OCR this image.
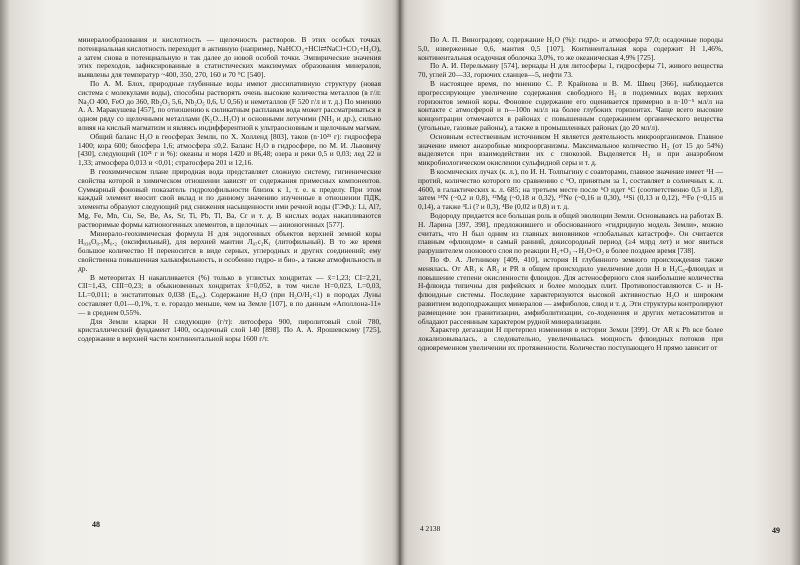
минералообразования и кислотность — щелочность растворов. В этих особых точках потенциальная кислотность переходит в активную (например, NaHCO₃+HCl⇄NaCl+CO₂+H₂O), а затем снова в потенциальную и так далее до новой особой точки. Эмпирические значения этих переходов, зафиксированные в статистических максимумах образования минералов, выявлены для температур ~400, 350, 270, 160 и 70 °С [540].

По А. М. Блох, природные глубинные воды имеют диссипативную структуру (новая система с молекулами воды), способны растворять очень высокие количества металлов (в г/л: Na₂O 400, FeO до 360, Rb₂O₃ 5,6, Nb₂O₅ 0,6, U 0,56) и неметаллов (F 520 г/л и т. д.) По мнению А. А. Маракушева [457], по отношению к силикатным расплавам вода может рассматриваться в одном ряду со щелочными металлами (K₂O...H₂O) и основными летучими (NH₃ и др.), сильно влияя на кислый магматизм и являясь индифферентной к ультраосновным и щелочным магмам.

Общий баланс H₂O в геосферах Земли, по Х. Холленд [803], таков (n·10²¹ г): гидросфера 1400; кора 600; биосфера 1,6; атмосфера ≤0,2. Баланс H₂O в гидросфере, по М. И. Львовичу [430], следующий (10²¹ г и %): океаны и моря 1420 и 86,48; озера и реки 0,5 и 0,03; лед 22 и 1,33; атмосфера 0,013 и <0,01; стратосфера 201 и 12,16.

В геохимическом плане природная вода представляет сложную систему, гигиенические свойства которой в химическом отношении зависят от содержания примесных компонентов. Суммарный фоновый показатель гидрохофильности близок к 1, т. е. к пределу. При этом каждый элемент вносит свой вклад и по данному значению изученные в отношении ПДК, элементы образуют следующий ряд снижения насыщенности ими речной воды (ГЭФ,): Li, Al?, Mg, Fe, Mn, Cu, Se, Be, As, Sr, Ti, Pb, Tl, Ba, Cr и т. д. В кислых водах накапливаются растворимые формы катионогенных элементов, в щелочных — анионогенных [577].

Минерало-геохимическая формула Н для эндогенных объектов верхней земной коры Н₀₃₆О₀.₅М₀.₂ (оксифильный), для верхней мантии Л₀₇с₂К₁ (литофильный). В то же время большое количество Н переносится в виде серных, углеродных и других соединений; ему свойственна повышенная халькофильность, и особенно гидро- и био-, а также атмофильность и др.

В метеоритах Н накапливается (%) только в углистых хондритах — x̄=1,23; CI=2,21, CII=1,43, CIII=0,23; в обыкновенных хондритах x̄=0,052, в том числе H=0,023, L=0,03, LL=0,011; в энстатитовых 0,038 (E₆,₆). Содержание H₂O (при H₂O/H₂<1) в породах Луны составляет 0,01—0,1%, т. е. гораздо меньше, чем на Земле [107], в по данным «Аполлона-11» — в среднем 0,55%.

Для Земли кларки Н следующие (г/т): литосфера 900, пиролитовый слой 780, кристаллический фундамент 1400, осадочный слой 140 [898]. По А. А. Ярошевскому [725], содержание в верхней части континентальной коры 1600 г/т.

48

По А. П. Виноградову, содержание H₂O (%): гидро- и атмосфера 97,0; осадочные породы 5,0, изверженные 0,6, мантия 0,5 [107]. Континентальная кора содержит Н 1,46%, континентальная осадочная оболочка 3,0%, то же океаническая 4,9% [725].

По А. И. Перельману [574], вернады Н для литосферы 1, гидросферы 71, живого вещества 70, углей 20—33, горючих сланцев—5, нефти 73.

В настоящее время, по мнению С. Р. Крайнова и В. М. Швец [366], наблюдается прогрессирующее увеличение содержания свободного H₂ в подземных водах верхних горизонтов земной коры. Фоновое содержание его оценивается примерно в n·10⁻⁵ мл/л на контакте с атмосферой и n—100n мл/л на более глубоких горизонтах. Чаще всего высокие концентрации отмечаются в районах с повышенным содержанием органического вещества (угольные, газовые районы), а также в промышленных районах (до 20 мл/л).

Основным естественным источником Н является деятельность микроорганизмов. Главное значение имеют анаэробные микроорганизмы. Максимальное количество H₂ (от 15 до 54%) выделяется при взаимодействии их с глюкозой. Выделяется H₂ и при анаэробном микробиологическом окислении сульфидной серы и т. д.

В космических лучах (к. л.), по И. Н. Толпыгину с соавторами, главное значение имеет ¹Н — протий, количество которого по сравнению с ⁶O, принятым за 1, составляет в солнечных к. л. 4600, в галактических к. л. 685; на третьем месте после ⁶O идет ⁶С (соответственно 0,5 и 1,8), затем ¹⁴N (~0,2 и 0,8), ¹²Mg (~0,18 и 0,32), ¹⁰Ne (~0,16 и 0,30), ¹⁴Si (0,13 и 0,12), ²⁶Fe (~0,15 и 0,14), а также ³Li (? и 0,3), ⁴Be (0,02 и 0,8) и т. д.

Водороду придается все большая роль в общей эволюции Земли. Основываясь на работах В. Н. Ларина [397, 398], предложившего и обоснованного «гидридную модель Земли», можно считать, что Н был одним из главных виновников «глобальных катастроф». Он считается главным «флюидом» в самый ранний, докисородный период (≥4 млрд лет) и мог явиться разрушителем озонового слоя по реакции H₂+O₃→H₂O+O₂ в более позднее время [738].

По Ф. А. Летникову [409, 410], история Н глубинного земного происхождения также менялась. От AR₁ к AR₂ и PR в общем происходило увеличение доли Н в H₂C₆-флюидах и повышение степени окисленности флюидов. Для астеносферного слоя наибольшие количества Н-флюида типичны для рифейских и более молодых плит. Противопоставляются С- и Н-флюидные системы. Последние характеризуются высокой активностью H₂O и широким развитием водоподражащих минералов — амфиболов, слюд и т. д. Эти структуры контролируют размещение зон гранитизации, амфиболитизации, со-лоденения и других метасоматитов и обладают рассеянным характером рудной минерализации.

Характер дегазации Н претерпел изменения в истории Земли [399]. От AR к Ph все более локализовывалась, а следовательно, увеличивалась мощность флюидных потоков при одновременном увеличении их протяженности. Количество поступающего Н прямо зависит от

4 2138	49
